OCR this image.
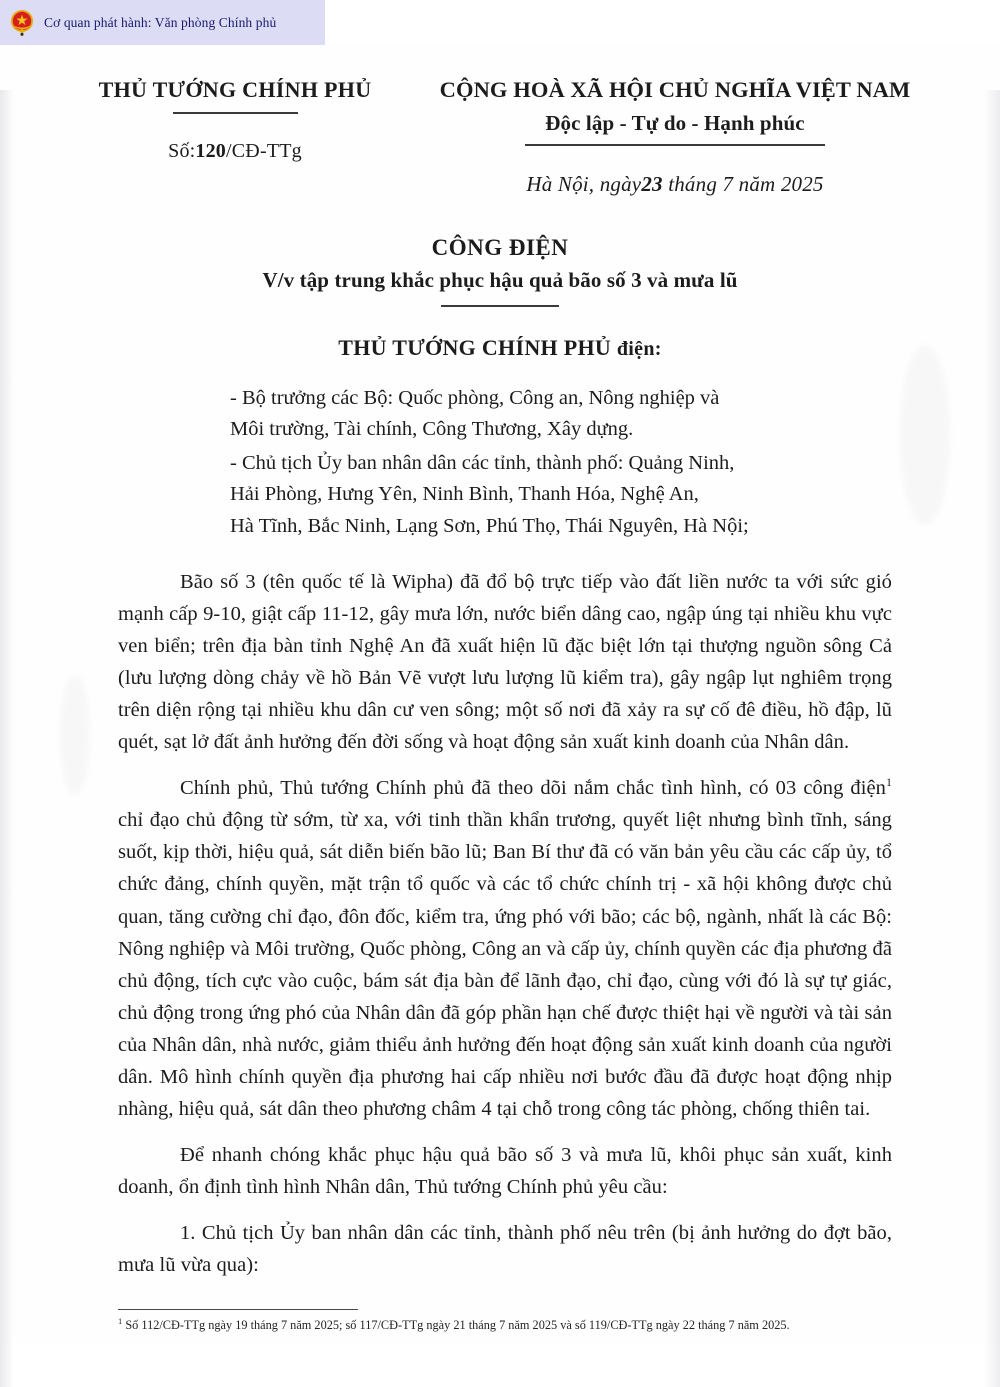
Cơ quan phát hành: Văn phòng Chính phủ
THỦ TƯỚNG CHÍNH PHỦ
Số:120/CĐ-TTg
CỘNG HOÀ XÃ HỘI CHỦ NGHĨA VIỆT NAM
Độc lập - Tự do - Hạnh phúc
Hà Nội, ngày23 tháng 7 năm 2025
CÔNG ĐIỆN
V/v tập trung khắc phục hậu quả bão số 3 và mưa lũ
THỦ TƯỚNG CHÍNH PHỦ điện:
- Bộ trưởng các Bộ: Quốc phòng, Công an, Nông nghiệp và
Môi trường, Tài chính, Công Thương, Xây dựng.
- Chủ tịch Ủy ban nhân dân các tỉnh, thành phố: Quảng Ninh,
Hải Phòng, Hưng Yên, Ninh Bình, Thanh Hóa, Nghệ An,
Hà Tĩnh, Bắc Ninh, Lạng Sơn, Phú Thọ, Thái Nguyên, Hà Nội;

Bão số 3 (tên quốc tế là Wipha) đã đổ bộ trực tiếp vào đất liền nước ta với sức gió mạnh cấp 9-10, giật cấp 11-12, gây mưa lớn, nước biển dâng cao, ngập úng tại nhiều khu vực ven biển; trên địa bàn tỉnh Nghệ An đã xuất hiện lũ đặc biệt lớn tại thượng nguồn sông Cả (lưu lượng dòng chảy về hồ Bản Vẽ vượt lưu lượng lũ kiểm tra), gây ngập lụt nghiêm trọng trên diện rộng tại nhiều khu dân cư ven sông; một số nơi đã xảy ra sự cố đê điều, hồ đập, lũ quét, sạt lở đất ảnh hưởng đến đời sống và hoạt động sản xuất kinh doanh của Nhân dân.

Chính phủ, Thủ tướng Chính phủ đã theo dõi nắm chắc tình hình, có 03 công điện$^1$ chỉ đạo chủ động từ sớm, từ xa, với tinh thần khẩn trương, quyết liệt nhưng bình tĩnh, sáng suốt, kịp thời, hiệu quả, sát diễn biến bão lũ; Ban Bí thư đã có văn bản yêu cầu các cấp ủy, tổ chức đảng, chính quyền, mặt trận tổ quốc và các tổ chức chính trị - xã hội không được chủ quan, tăng cường chỉ đạo, đôn đốc, kiểm tra, ứng phó với bão; các bộ, ngành, nhất là các Bộ: Nông nghiệp và Môi trường, Quốc phòng, Công an và cấp ủy, chính quyền các địa phương đã chủ động, tích cực vào cuộc, bám sát địa bàn để lãnh đạo, chỉ đạo, cùng với đó là sự tự giác, chủ động trong ứng phó của Nhân dân đã góp phần hạn chế được thiệt hại về người và tài sản của Nhân dân, nhà nước, giảm thiểu ảnh hưởng đến hoạt động sản xuất kinh doanh của người dân. Mô hình chính quyền địa phương hai cấp nhiều nơi bước đầu đã được hoạt động nhịp nhàng, hiệu quả, sát dân theo phương châm 4 tại chỗ trong công tác phòng, chống thiên tai.

Để nhanh chóng khắc phục hậu quả bão số 3 và mưa lũ, khôi phục sản xuất, kinh doanh, ổn định tình hình Nhân dân, Thủ tướng Chính phủ yêu cầu:

1. Chủ tịch Ủy ban nhân dân các tỉnh, thành phố nêu trên (bị ảnh hưởng do đợt bão, mưa lũ vừa qua):

$^1$ Số 112/CĐ-TTg ngày 19 tháng 7 năm 2025; số 117/CĐ-TTg ngày 21 tháng 7 năm 2025 và số 119/CĐ-TTg ngày 22 tháng 7 năm 2025.
